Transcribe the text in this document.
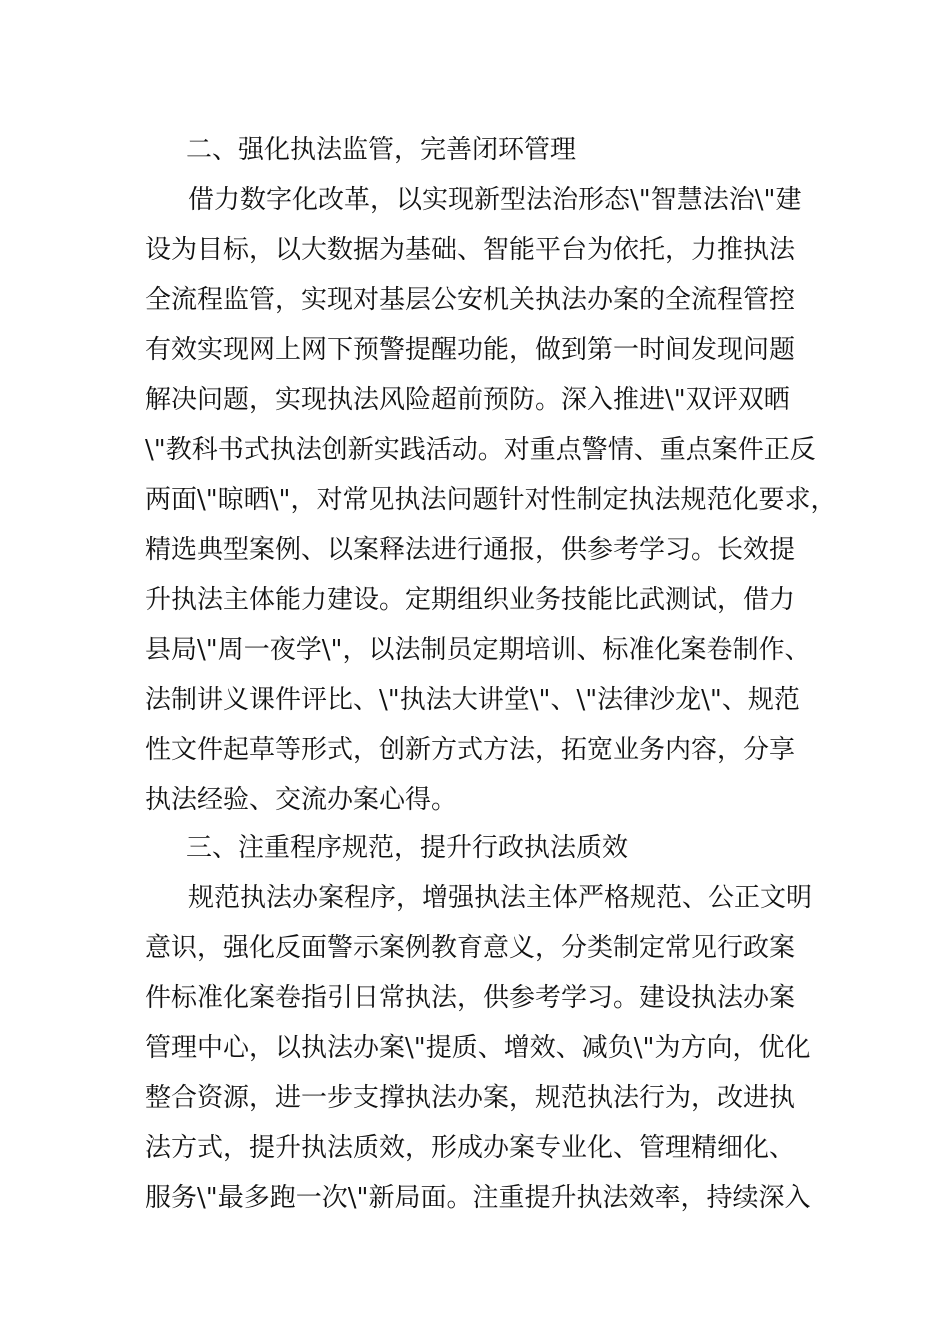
二、强化执法监管，完善闭环管理
借力数字化改革，以实现新型法治形态\"智慧法治\"建
设为目标，以大数据为基础、智能平台为依托，力推执法
全流程监管，实现对基层公安机关执法办案的全流程管控
有效实现网上网下预警提醒功能，做到第一时间发现问题
解决问题，实现执法风险超前预防。深入推进\"双评双晒
\"教科书式执法创新实践活动。对重点警情、重点案件正反
两面\"晾晒\"，对常见执法问题针对性制定执法规范化要求，
精选典型案例、以案释法进行通报，供参考学习。长效提
升执法主体能力建设。定期组织业务技能比武测试，借力
县局\"周一夜学\"，以法制员定期培训、标准化案卷制作、
法制讲义课件评比、\"执法大讲堂\"、\"法律沙龙\"、规范
性文件起草等形式，创新方式方法，拓宽业务内容，分享
执法经验、交流办案心得。
三、注重程序规范，提升行政执法质效
规范执法办案程序，增强执法主体严格规范、公正文明
意识，强化反面警示案例教育意义，分类制定常见行政案
件标准化案卷指引日常执法，供参考学习。建设执法办案
管理中心，以执法办案\"提质、增效、减负\"为方向，优化
整合资源，进一步支撑执法办案，规范执法行为，改进执
法方式，提升执法质效，形成办案专业化、管理精细化、
服务\"最多跑一次\"新局面。注重提升执法效率，持续深入
